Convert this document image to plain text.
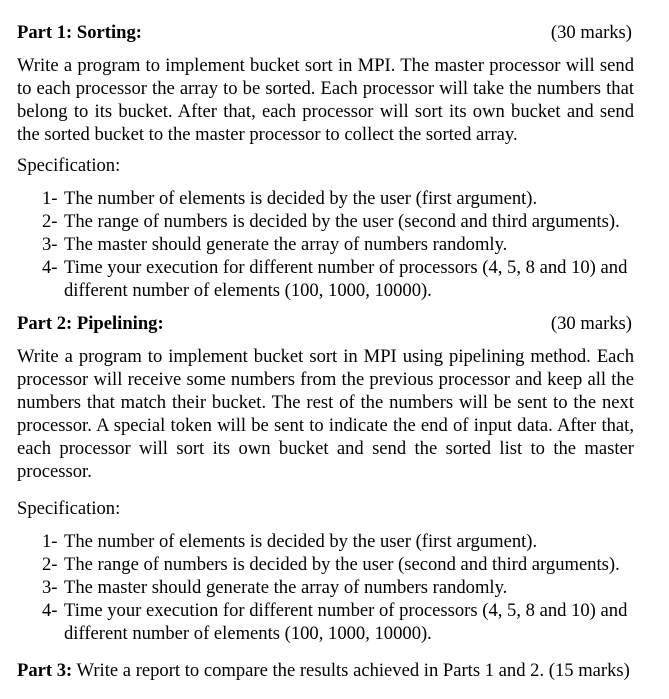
Part 1: Sorting:	(30 marks)

Write a program to implement bucket sort in MPI. The master processor will send to each processor the array to be sorted. Each processor will take the numbers that belong to its bucket. After that, each processor will sort its own bucket and send the sorted bucket to the master processor to collect the sorted array.

Specification:

1- The number of elements is decided by the user (first argument).
2- The range of numbers is decided by the user (second and third arguments).
3- The master should generate the array of numbers randomly.
4- Time your execution for different number of processors (4, 5, 8 and 10) and different number of elements (100, 1000, 10000).
Part 2: Pipelining:	(30 marks)

Write a program to implement bucket sort in MPI using pipelining method. Each processor will receive some numbers from the previous processor and keep all the numbers that match their bucket. The rest of the numbers will be sent to the next processor. A special token will be sent to indicate the end of input data. After that, each processor will sort its own bucket and send the sorted list to the master processor.

Specification:

1- The number of elements is decided by the user (first argument).
2- The range of numbers is decided by the user (second and third arguments).
3- The master should generate the array of numbers randomly.
4- Time your execution for different number of processors (4, 5, 8 and 10) and different number of elements (100, 1000, 10000).

Part 3: Write a report to compare the results achieved in Parts 1 and 2. (15 marks)
